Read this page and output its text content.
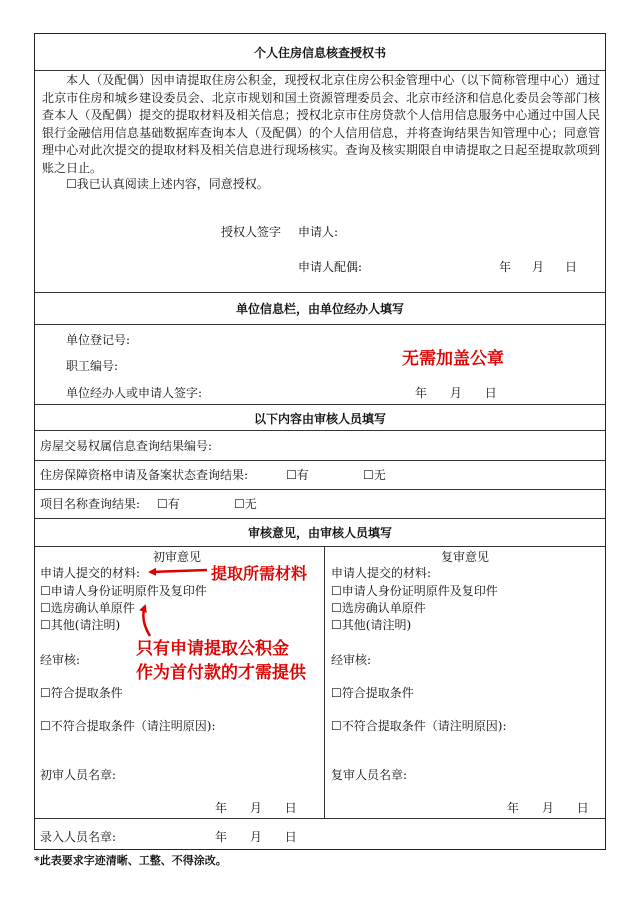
个人住房信息核查授权书

本人（及配偶）因申请提取住房公积金，现授权北京住房公积金管理中心（以下简称管理中心）通过北京市住房和城乡建设委员会、北京市规划和国土资源管理委员会、北京市经济和信息化委员会等部门核查本人（及配偶）提交的提取材料及相关信息；授权北京市住房贷款个人信用信息服务中心通过中国人民银行金融信用信息基础数据库查询本人（及配偶）的个人信用信息，并将查询结果告知管理中心；同意管理中心对此次提交的提取材料及相关信息进行现场核实。查询及核实期限自申请提取之日起至提取款项到账之日止。

☐我已认真阅读上述内容，同意授权。
授权人签字 申请人:
申请人配偶:	年 月 日
单位信息栏，由单位经办人填写
单位登记号:
职工编号:
单位经办人或申请人签字:	年      月      日
以下内容由审核人员填写
房屋交易权属信息查询结果编号:
住房保障资格申请及备案状态查询结果:	☐有	☐无
项目名称查询结果: ☐有	☐无
审核意见，由审核人员填写
初审意见
申请人提交的材料:
☐申请人身份证明原件及复印件
☐选房确认单原件
☐其他(请注明)
经审核:
☐符合提取条件
☐不符合提取条件（请注明原因):
初审人员名章:
年      月      日
复审意见
申请人提交的材料:
☐申请人身份证明原件及复印件
☐选房确认单原件
☐其他(请注明)
经审核:
☐符合提取条件
☐不符合提取条件（请注明原因):
复审人员名章:
年      月      日
录入人员名章:	年      月      日
*此表要求字迹清晰、工整、不得涂改。
无需加盖公章
提取所需材料
只有申请提取公积金
作为首付款的才需提供
